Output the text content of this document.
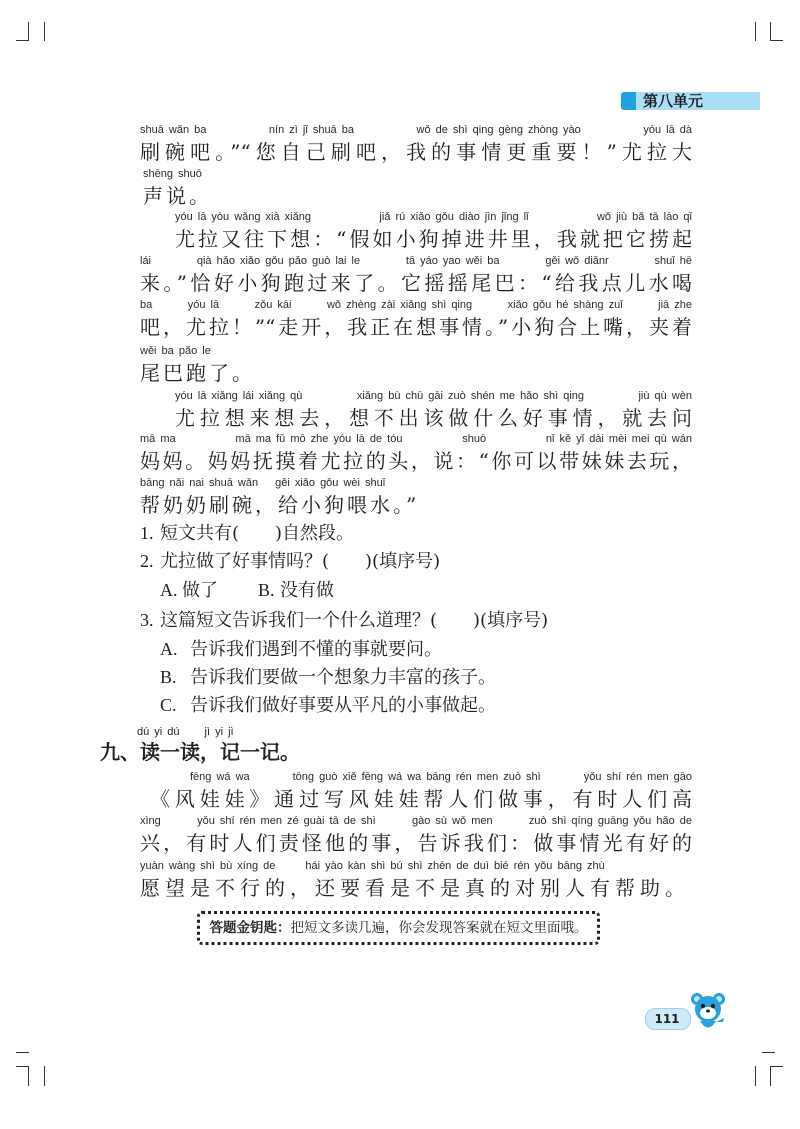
第八单元
shuā wǎn ba	nín zì jǐ shuā ba	wǒ de shì qing gèng zhòng yào	yóu lā dà
刷碗吧。”“您自己刷吧，我的事情更重要！”尤拉大
shēng shuō
声说。
yóu lā yòu wǎng xià xiǎng	jiǎ rú xiǎo gǒu diào jìn jǐng lǐ	wǒ jiù bǎ tā lāo qǐ
尤拉又往下想：“假如小狗掉进井里，我就把它捞起
lái	qià hǎo xiǎo gǒu pǎo guò lai le	tā yáo yao wěi ba	gěi wǒ diǎnr	shuǐ hē
来。”恰好小狗跑过来了。它摇摇尾巴：“给我点儿水喝
ba	yóu lā	zǒu kāi	wǒ zhèng zài xiǎng shì qing	xiǎo gǒu hé shàng zuǐ	jiā zhe
吧，尤拉！”“走开，我正在想事情。”小狗合上嘴，夹着
wěi ba pǎo le
尾巴跑了。
yóu lā xiǎng lái xiǎng qù	xiǎng bù chū gāi zuò shén me hǎo shì qing	jiù qù wèn
尤拉想来想去，想不出该做什么好事情，就去问
mā ma	mā ma fǔ mō zhe yóu lā de tóu	shuō	nǐ kě yǐ dài mèi mei qù wán
妈妈。妈妈抚摸着尤拉的头，说：“你可以带妹妹去玩，
bāng nǎi nai shuā wǎn gěi xiǎo gǒu wèi shuǐ
帮奶奶刷碗，给小狗喂水。”
1. 短文共有(　　)自然段。
2. 尤拉做了好事情吗？(　　)(填序号)
A. 做了 B. 没有做
3. 这篇短文告诉我们一个什么道理？(　　)(填序号)
A. 告诉我们遇到不懂的事就要问。
B. 告诉我们要做一个想象力丰富的孩子。
C. 告诉我们做好事要从平凡的小事做起。
dú yi dú jì yi jì
九、读一读，记一记。
fēng wá wa	tōng guò xiě fēng wá wa bāng rén men zuò shì	yǒu shí rén men gāo
《风娃娃》通过写风娃娃帮人们做事，有时人们高
xìng	yǒu shí rén men zé guài tā de shì	gào sù wǒ men	zuò shì qíng guāng yǒu hǎo de
兴，有时人们责怪他的事，告诉我们：做事情光有好的
yuàn wàng shì bù xíng de	hái yào kàn shì bú shì zhēn de duì bié rén yǒu bāng zhù
愿望是不行的，还要看是不是真的对别人有帮助。
答题金钥匙：把短文多读几遍，你会发现答案就在短文里面哦。
111
